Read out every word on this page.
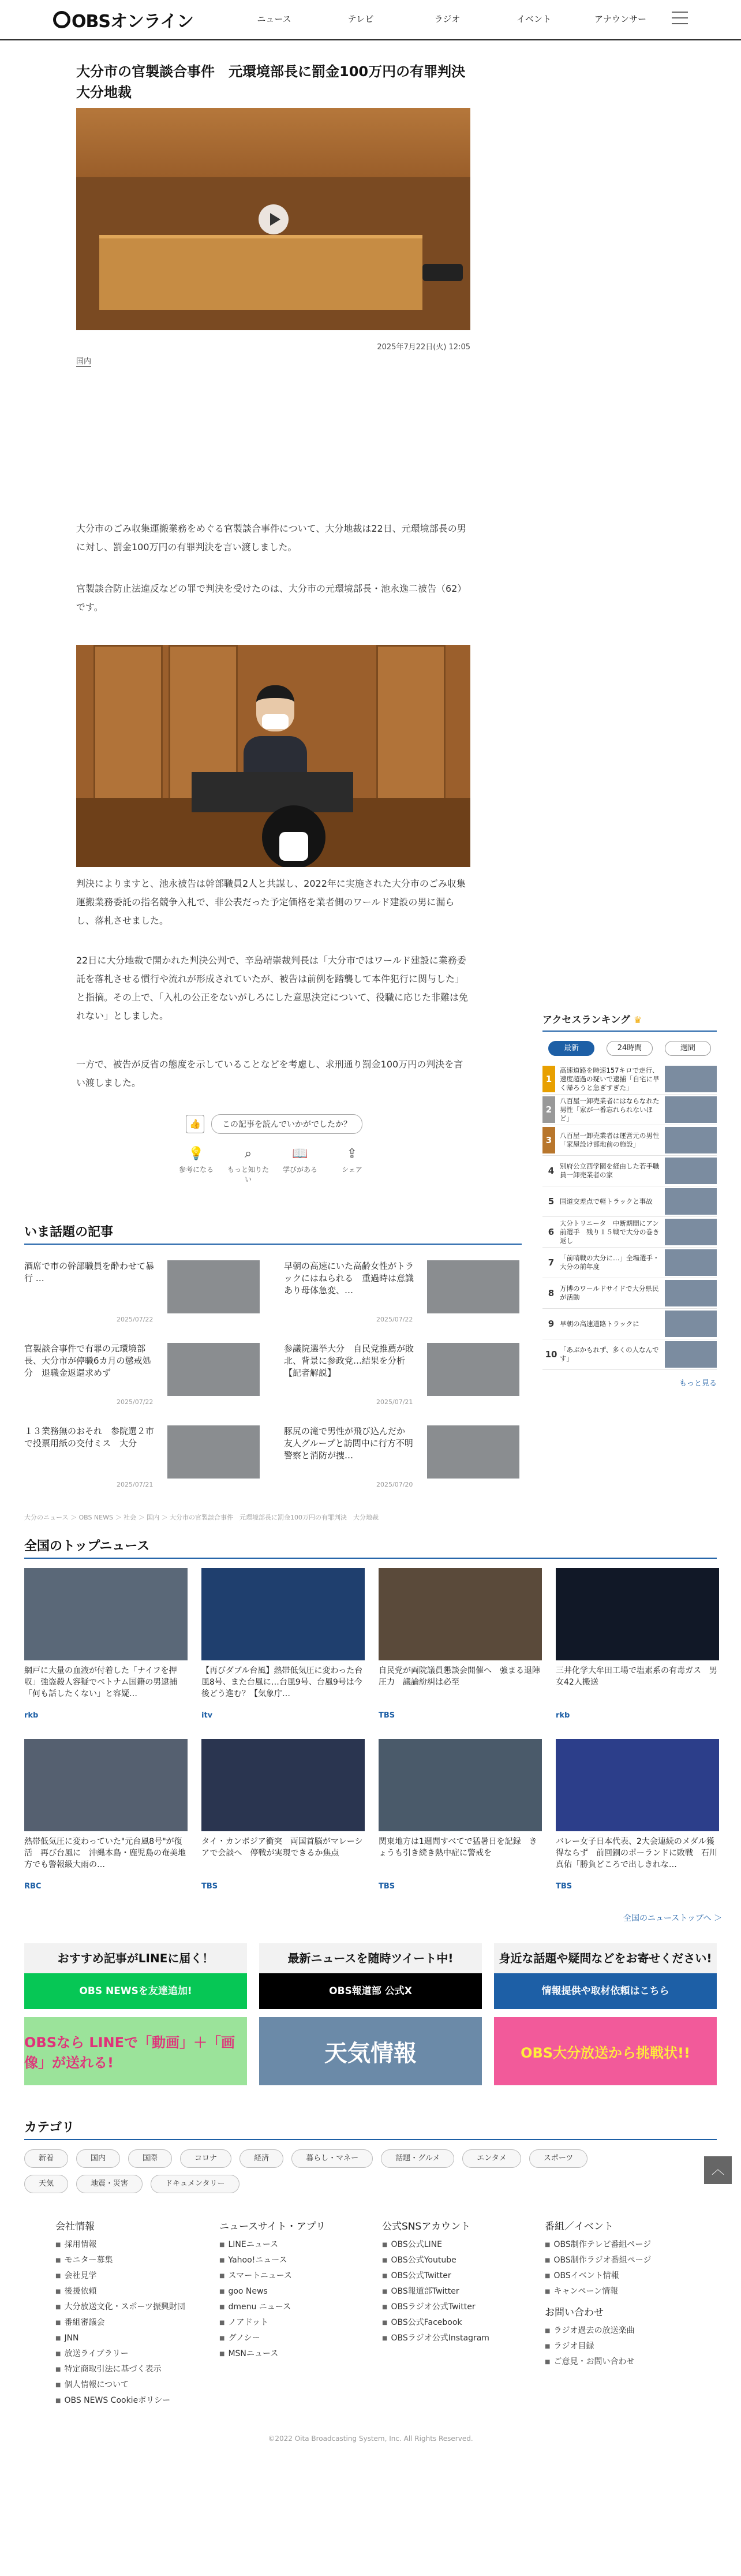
OBSオンライン	ニュース	テレビ	ラジオ	イベント	アナウンサー
大分市の官製談合事件　元環境部長に罰金100万円の有罪判決　大分地裁
2025年7月22日(火) 12:05
国内
大分市のごみ収集運搬業務をめぐる官製談合事件について、大分地裁は22日、元環境部長の男に対し、罰金100万円の有罪判決を言い渡しました。
官製談合防止法違反などの罪で判決を受けたのは、大分市の元環境部長・池永逸二被告（62）です。
判決によりますと、池永被告は幹部職員2人と共謀し、2022年に実施された大分市のごみ収集運搬業務委託の指名競争入札で、非公表だった予定価格を業者側のワールド建設の男に漏らし、落札させました。
22日に大分地裁で開かれた判決公判で、辛島靖崇裁判長は「大分市ではワールド建設に業務委託を落札させる慣行や流れが形成されていたが、被告は前例を踏襲して本件犯行に関与した」と指摘。その上で、「入札の公正をないがしろにした意思決定について、役職に応じた非難は免れない」としました。
一方で、被告が反省の態度を示していることなどを考慮し、求刑通り罰金100万円の判決を言い渡しました。
👍	この記事を読んでいかがでしたか？
💡
参考になる
⌕
もっと知りたい
📖
学びがある
⇪
シェア
アクセスランキング ♛
最新	24時間	週間
1
高速道路を時速157キロで走行、速度超過の疑いで逮捕「自宅に早く帰ろうと急ぎすぎた」
2
八百屋一卸売業者にはならなれた男性「家が一番忘れられないほど」
3	八百屋一卸売業者は運営元の男性「家屋設け部地前の施設」
4 別府公立西学園を経由した若手職員一卸売業者の家
5 国道交差点で軽トラックと事故
6
大分トリニータ　中断期間にアン前選手　残り１５戦で大分の巻き返し
7 「前哨戦の大分に…」全場選手・大分の前年度
8 万博のワールドサイドで大分県民が活動
9 早朝の高速道路トラックに
10 「あぶかもれず、多くの人なんです」
もっと見る
いま話題の記事
酒席で市の幹部職員を酔わせて暴行 …
2025/07/22
早朝の高速にいた高齢女性がトラックにはねられる　重過時は意識あり母体急変、…
2025/07/22
官製談合事件で有罪の元環境部長、大分市が停職6カ月の懲戒処分　退職金返還求めず
2025/07/22
参議院選挙大分　自民党推薦が敗北、背景に参政党…結果を分析【記者解説】
2025/07/21
１３業務無のおそれ　参院選２市で投票用紙の交付ミス　大分
2025/07/21
豚尻の滝で男性が飛び込んだか　友人グループと訪問中に行方不明　警察と消防が捜…
2025/07/20
大分のニュース ＞ OBS NEWS ＞ 社会 ＞ 国内 ＞ 大分市の官製談合事件　元環境部長に罰金100万円の有罪判決　大分地裁
全国のトップニュース
網戸に大量の血液が付着した「ナイフを押収」強盗殺人容疑でベトナム国籍の男逮捕「何も話したくない」と容疑…
rkb
【再びダブル台風】熱帯低気圧に変わった台風8号、また台風に…台風9号、台風9号は今後どう進む？【気象庁…
itv
自民党が両院議員懇談会開催へ　強まる退陣圧力　議論紛糾は必至
TBS
三井化学大牟田工場で塩素系の有毒ガス　男女42人搬送
rkb
熱帯低気圧に変わっていた"元台風8号"が復活　再び台風に　沖縄本島・鹿児島の奄美地方でも警報級大雨の…
RBC
タイ・カンボジア衝突　両国首脳がマレーシアで会談へ　停戦が実現できるか焦点
TBS
関東地方は1週間すべてで猛暑日を記録　きょうも引き続き熱中症に警戒を
TBS
バレー女子日本代表、2大会連続のメダル獲得ならず　前回銅のポーランドに敗戦　石川真佑「勝負どころで出しきれな…
TBS
全国のニューストップへ ＞
おすすめ記事がLINEに届く！
OBS NEWSを友達追加!
OBSなら LINEで「動画」＋「画像」が送れる!
最新ニュースを随時ツイート中!
OBS報道部 公式X
天気情報
身近な話題や疑問などをお寄せください!
情報提供や取材依頼はこちら
OBS大分放送から挑戦状!!
カテゴリ
新着	国内	国際	コロナ	経済	暮らし・マネー	話題・グルメ	エンタメ	スポーツ
天気	地震・災害	ドキュメンタリー
︿
会社情報
■ 採用情報
■ モニター募集
■ 会社見学
■ 後援依頼
■ 大分放送文化・スポーツ振興財団
■ 番組審議会
■ JNN
■ 放送ライブラリー
■ 特定商取引法に基づく表示
■ 個人情報について
■ OBS NEWS Cookieポリシー
ニュースサイト・アプリ
■ LINEニュース
■ Yahoo!ニュース
■ スマートニュース
■ goo News
■ dmenu ニュース
■ ノアドット
■ グノシー
■ MSNニュース
公式SNSアカウント
■ OBS公式LINE
■ OBS公式Youtube
■ OBS公式Twitter
■ OBS報道部Twitter
■ OBSラジオ公式Twitter
■ OBS公式Facebook
■ OBSラジオ公式Instagram
番組／イベント
■ OBS制作テレビ番組ページ
■ OBS制作ラジオ番組ページ
■ OBSイベント情報
■ キャンペーン情報
お問い合わせ
■ ラジオ過去の放送楽曲
■ ラジオ目録
■ ご意見・お問い合わせ
©2022 Oita Broadcasting System, Inc. All Rights Reserved.
